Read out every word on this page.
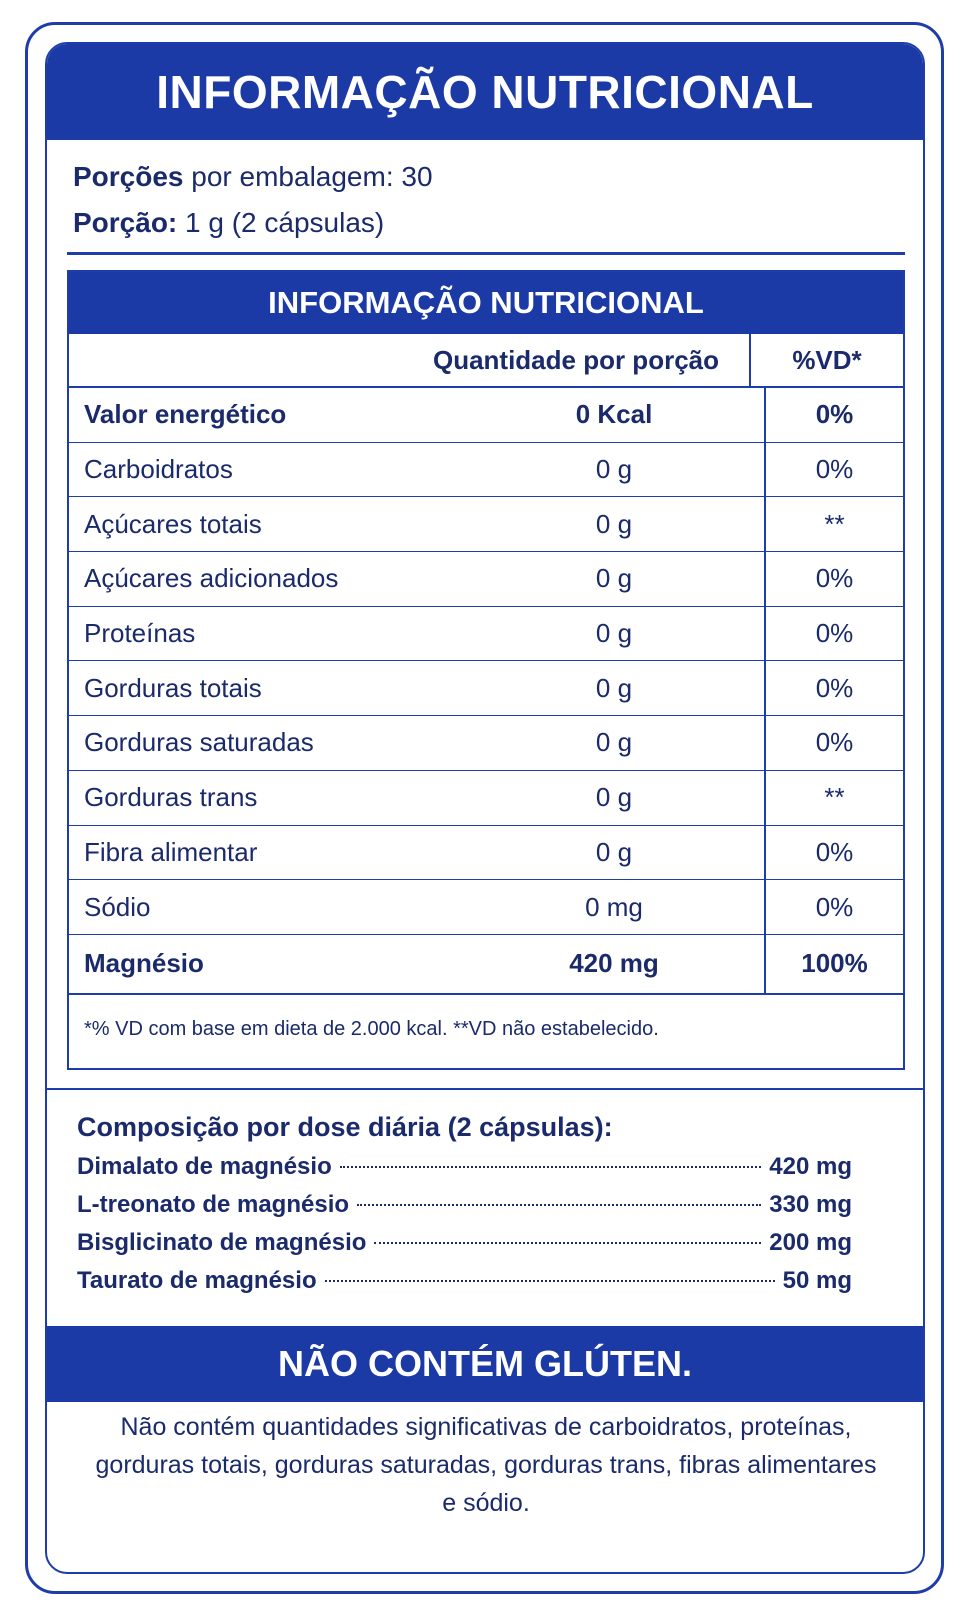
INFORMAÇÃO NUTRICIONAL
Porções por embalagem: 30
Porção: 1 g (2 cápsulas)
INFORMAÇÃO NUTRICIONAL
Quantidade por porção	%VD*
Valor energético	0 Kcal	0%
Carboidratos	0 g	0%
Açúcares totais	0 g	**
Açúcares adicionados	0 g	0%
Proteínas	0 g	0%
Gorduras totais	0 g	0%
Gorduras saturadas	0 g	0%
Gorduras trans	0 g	**
Fibra alimentar	0 g	0%
Sódio	0 mg	0%
Magnésio	420 mg	100%
*% VD com base em dieta de 2.000 kcal. **VD não estabelecido.
Composição por dose diária (2 cápsulas):
Dimalato de magnésio	420 mg
L-treonato de magnésio	330 mg
Bisglicinato de magnésio	200 mg
Taurato de magnésio	50 mg
NÃO CONTÉM GLÚTEN.
Não contém quantidades significativas de carboidratos, proteínas, gorduras totais, gorduras saturadas, gorduras trans, fibras alimentares e sódio.
